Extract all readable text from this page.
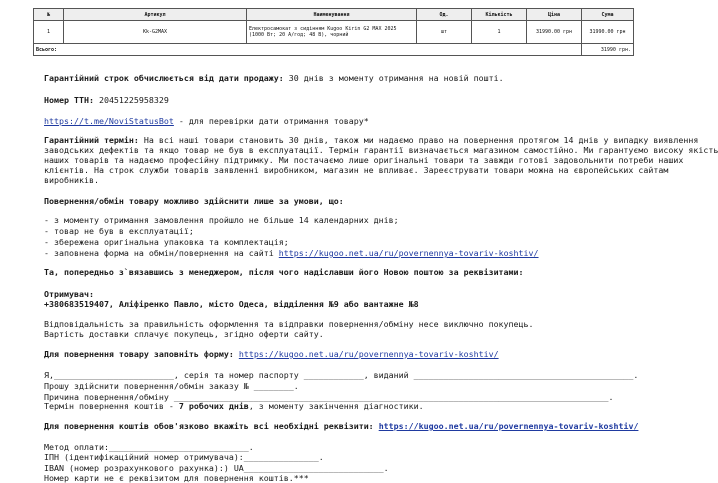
№	Артикул	Наименування	Од.	Кількість	Ціна	Сума
1	Kk-G2MAX	Електросамокат з сидінням Kugoo Kirin G2 MAX 2025 (1000 Вт; 20 А/год; 48 В), чорний	шт	1	31990.00 грн	31990.00 грн
Всього:						31990 грн.
Гарантійний строк обчислюється від дати продажу: 30 днів з моменту отримання на новій пошті.
Номер ТТН: 20451225958329
https://t.me/NoviStatusBot - для перевірки дати отримання товару*
Гарантійний термін: На всі наші товари становить 30 днів, також ми надаємо право на повернення протягом 14 днів у випадку виявлення
заводських дефектів та якщо товар не був в експлуатації. Термін гарантії визначається магазином самостійно. Ми гарантуємо високу якість
наших товарів та надаємо професійну підтримку. Ми постачаємо лише оригінальні товари та завжди готові задовольнити потреби наших
клієнтів. На строк служби товарів заявленні виробником, магазин не впливає. Зареєструвати товари можна на європейських сайтам
виробників.
Повернення/обмін товару можливо здійснити лише за умови, що:
- з моменту отримання замовлення пройшло не більше 14 календарних днів;
- товар не був в експлуатації;
- збережена оригінальна упаковка та комплектація;
- заповнена форма на обмін/повернення на сайті https://kugoo.net.ua/ru/povernennya-tovariv-koshtiv/
Та, попередньо з`вязавшись з менеджером, після чого надіславши його Новою поштою за реквізитами:
Отримувач:
+380683519407, Аліфіренко Павло, місто Одеса, відділення №9 або вантажне №8
Відповідальність за правильність оформлення та відправки повернення/обміну несе виключно покупець.
Вартість доставки сплачує покупець, згідно оферти сайту.
Для повернення товару заповніть форму: https://kugoo.net.ua/ru/povernennya-tovariv-koshtiv/
Я,________________________, серія та номер паспорту ____________, виданий ____________________________________________.
Прошу здійснити повернення/обмін заказу № ________.
Причина повернення/обміну _______________________________________________________________________________________.
Термін повернення коштів - 7 робочих днів, з моменту закінчення діагностики.
Для повернення коштів обов'язково вкажіть всі необхідні реквізити: https://kugoo.net.ua/ru/povernennya-tovariv-koshtiv/
Метод оплати:____________________________.
ІПН (ідентифікаційний номер отримувача):_______________.
IBAN (номер розрахункового рахунка):) UA____________________________.
Номер карти не є реквізитом для повернення коштів.***
